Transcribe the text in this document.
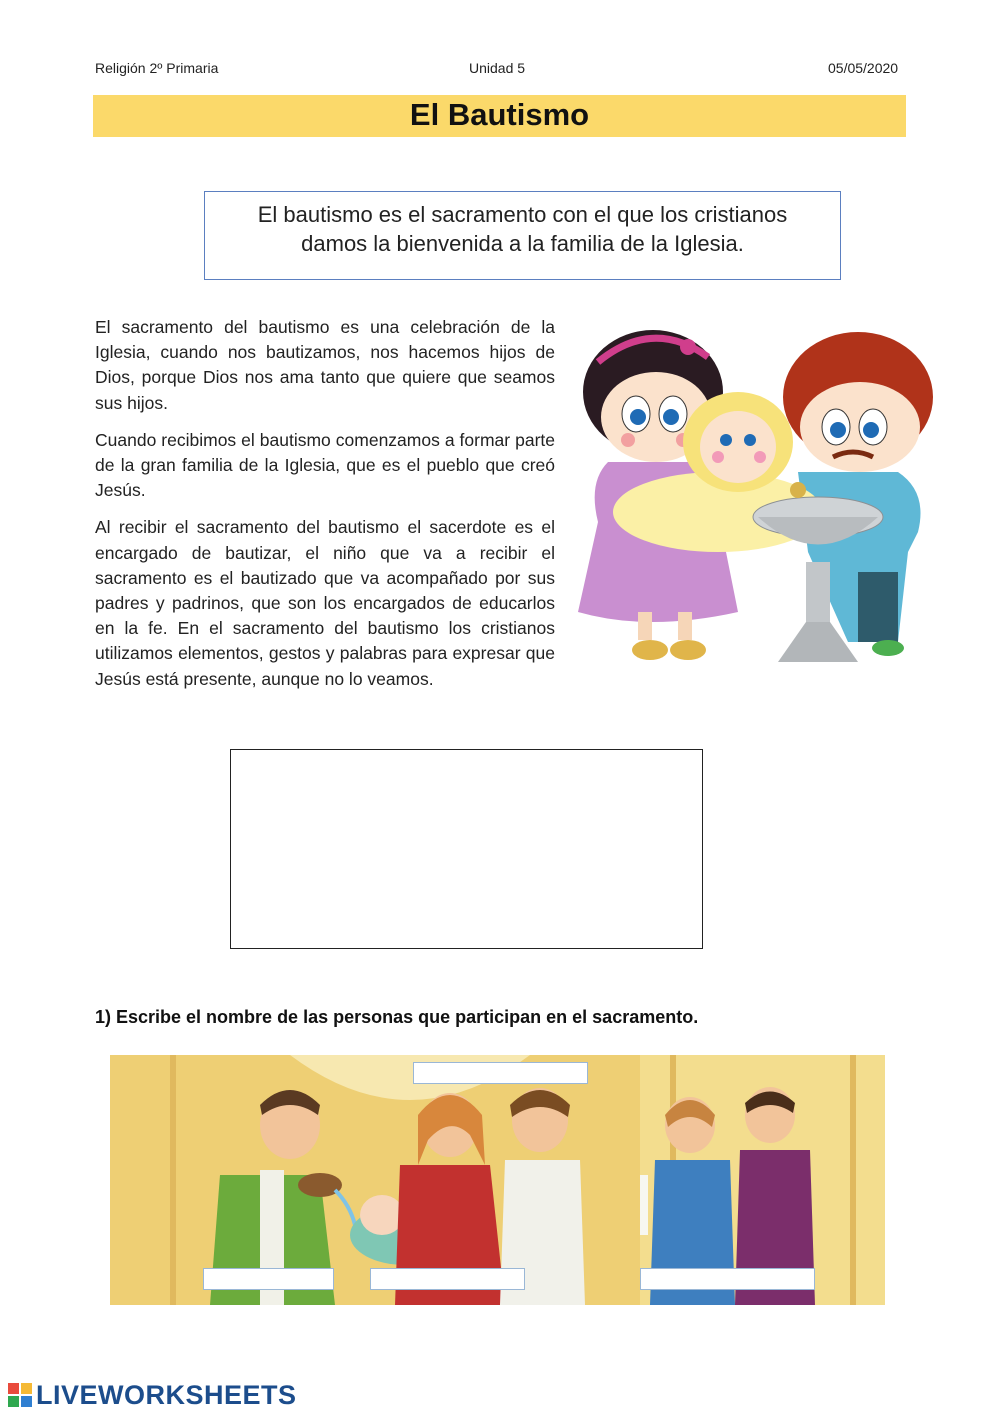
Religión 2º Primaria	Unidad 5	05/05/2020
El Bautismo
El bautismo es el sacramento con el que los cristianos
damos la bienvenida a la familia de la Iglesia.

El sacramento del bautismo es una celebración de la Iglesia, cuando nos bautizamos, nos hacemos hijos de Dios, porque Dios nos ama tanto que quiere que seamos sus hijos.

Cuando recibimos el bautismo comenzamos a formar parte de la gran familia de la Iglesia, que es el pueblo que creó Jesús.

Al recibir el sacramento del bautismo el sacerdote es el encargado de bautizar, el niño que va a recibir el sacramento es el bautizado que va acompañado por sus padres y padrinos, que son los encargados de educarlos en la fe. En el sacramento del bautismo los cristianos utilizamos elementos, gestos y palabras para expresar que Jesús está presente, aunque no lo veamos.

1) Escribe el nombre de las personas que participan en el sacramento.
LIVEWORKSHEETS
